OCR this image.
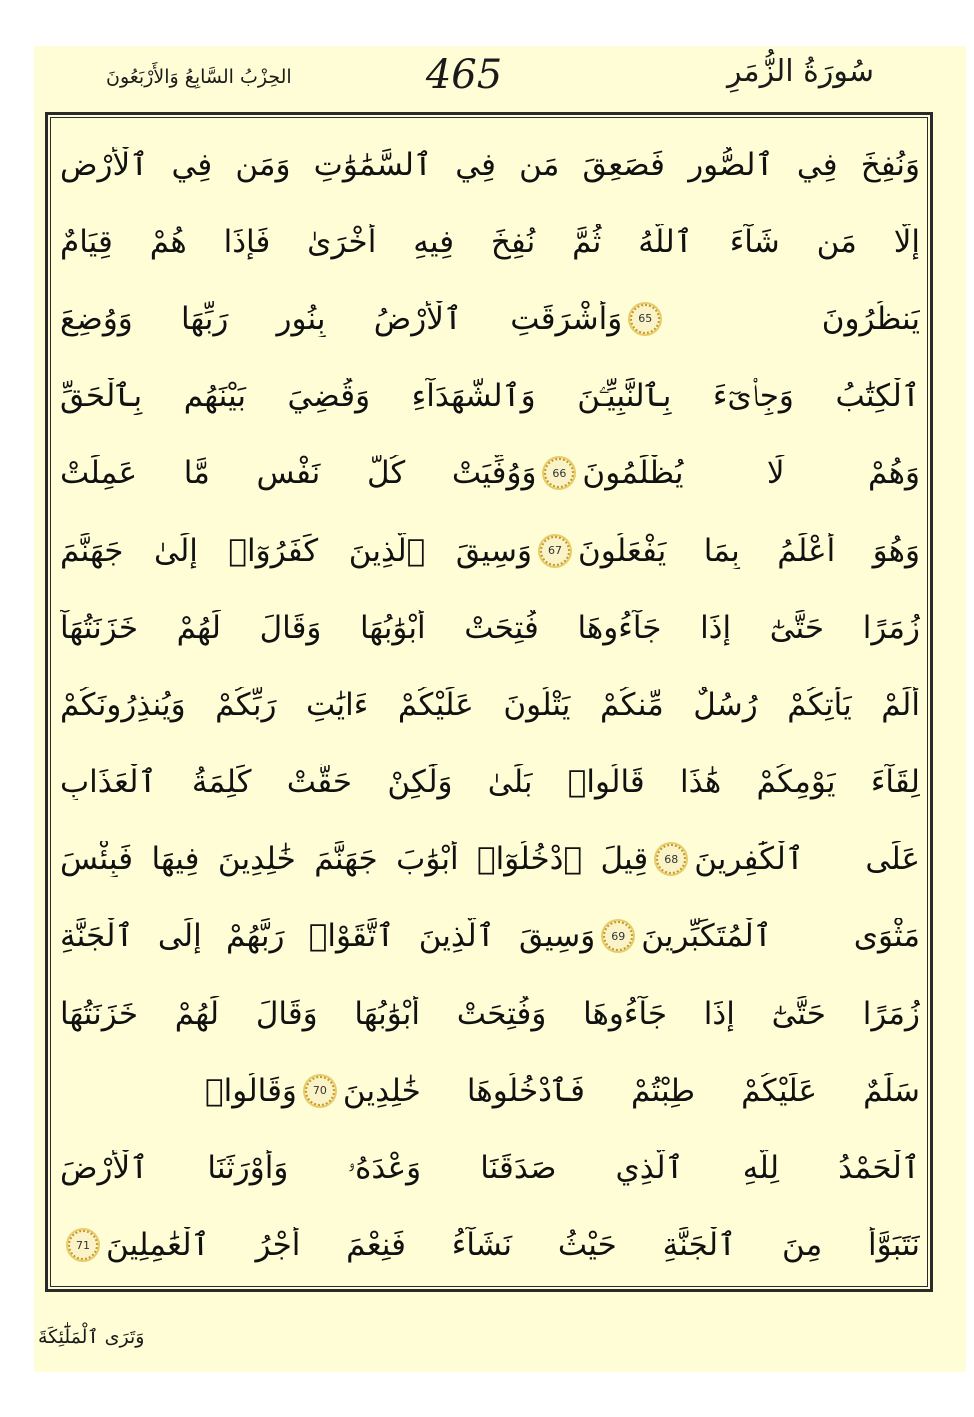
سُورَةُ الزُّمَرِ
465
الحِزْبُ السَّابِعُ وَالأَرْبَعُونَ
وَنُفِخَ فِي ٱلصُّورِ فَصَعِقَ مَن فِي ٱلسَّمَٰوَٰتِ وَمَن فِي ٱلْأَرْضِ
إِلَّا مَن شَآءَ ٱللَّهُ ثُمَّ نُفِخَ فِيهِ أُخْرَىٰ فَإِذَا هُمْ قِيَامٌ
يَنظُرُونَ
65
وَأَشْرَقَتِ ٱلْأَرْضُ بِنُورِ رَبِّهَا وَوُضِعَ
ٱلْكِتَٰبُ وَجِا۟ىٓءَ بِٱلنَّبِيِّـۧنَ وَٱلشُّهَدَآءِ وَقُضِيَ بَيْنَهُم بِٱلْحَقِّ
وَهُمْ لَا يُظْلَمُونَ
66
وَوُفِّيَتْ كُلُّ نَفْسٍ مَّا عَمِلَتْ
وَهُوَ أَعْلَمُ بِمَا يَفْعَلُونَ
67
وَسِيقَ ٱلَّذِينَ كَفَرُوٓا۟ إِلَىٰ جَهَنَّمَ
زُمَرًا حَتَّىٰٓ إِذَا جَآءُوهَا فُتِحَتْ أَبْوَٰبُهَا وَقَالَ لَهُمْ خَزَنَتُهَآ
أَلَمْ يَأْتِكُمْ رُسُلٌ مِّنكُمْ يَتْلُونَ عَلَيْكُمْ ءَايَٰتِ رَبِّكُمْ وَيُنذِرُونَكُمْ
لِقَآءَ يَوْمِكُمْ هَٰذَا قَالُوا۟ بَلَىٰ وَلَٰكِنْ حَقَّتْ كَلِمَةُ ٱلْعَذَابِ
عَلَى ٱلْكَٰفِرِينَ
68
قِيلَ ٱدْخُلُوٓا۟ أَبْوَٰبَ جَهَنَّمَ خَٰلِدِينَ فِيهَا فَبِئْسَ
مَثْوَى ٱلْمُتَكَبِّرِينَ
69
وَسِيقَ ٱلَّذِينَ ٱتَّقَوْا۟ رَبَّهُمْ إِلَى ٱلْجَنَّةِ
زُمَرًا حَتَّىٰٓ إِذَا جَآءُوهَا وَفُتِحَتْ أَبْوَٰبُهَا وَقَالَ لَهُمْ خَزَنَتُهَا
سَلَٰمٌ عَلَيْكُمْ طِبْتُمْ فَٱدْخُلُوهَا خَٰلِدِينَ
70
وَقَالُوا۟
ٱلْحَمْدُ لِلَّهِ ٱلَّذِي صَدَقَنَا وَعْدَهُۥ وَأَوْرَثَنَا ٱلْأَرْضَ
نَتَبَوَّأُ مِنَ ٱلْجَنَّةِ حَيْثُ نَشَآءُ فَنِعْمَ أَجْرُ ٱلْعَٰمِلِينَ
71
وَتَرَى ٱلْمَلَٰٓئِكَةَ
